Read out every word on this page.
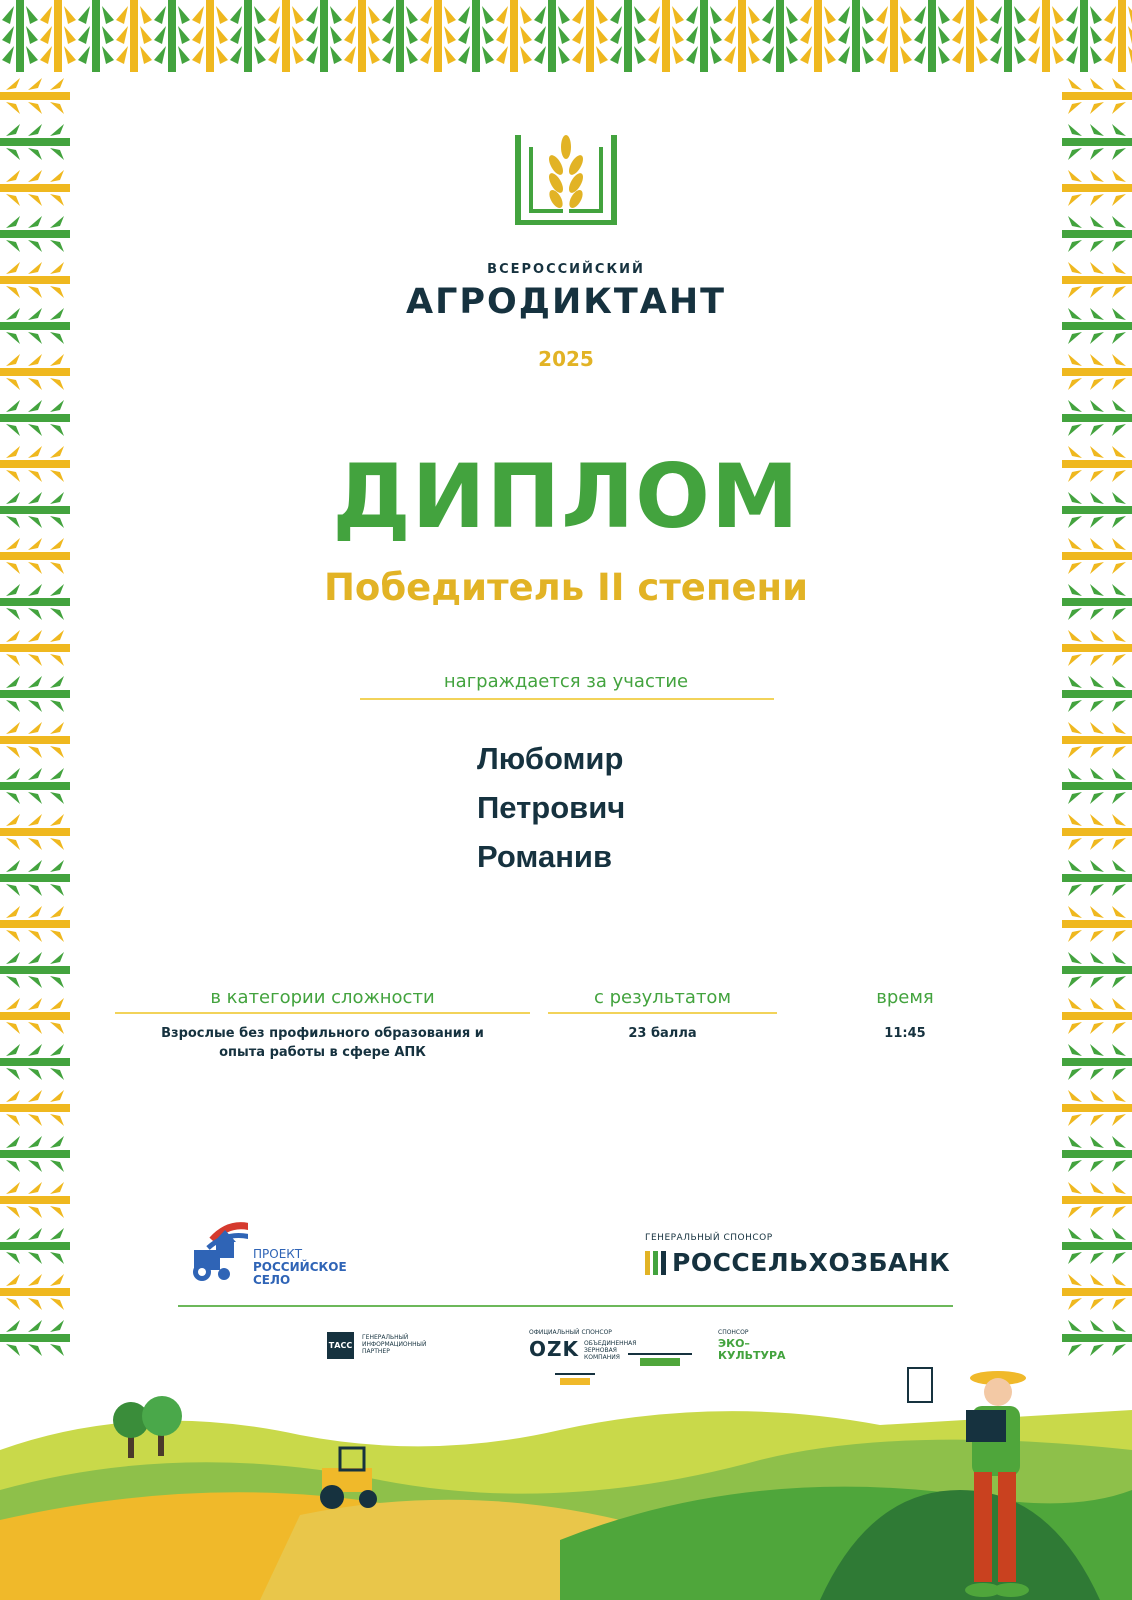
ВСЕРОССИЙСКИЙ
АГРОДИКТАНТ
2025
ДИПЛОМ
Победитель II степени
награждается за участие
Любомир
Петрович
Романив
в категории сложности
Взрослые без профильного образования и
опыта работы в сфере АПК
с результатом
23 балла
время
11:45
ПРОЕКТ
РОССИЙСКОЕ
СЕЛО
ГЕНЕРАЛЬНЫЙ СПОНСОР
РОССЕЛЬХОЗБАНК
ТАСС
ГЕНЕРАЛЬНЫЙ
ИНФОРМАЦИОННЫЙ
ПАРТНЕР
ОФИЦИАЛЬНЫЙ СПОНСОР
OZK ОБЪЕДИНЕННАЯ
ЗЕРНОВАЯ
КОМПАНИЯ
СПОНСОР
ЭКО–
КУЛЬТУРА
